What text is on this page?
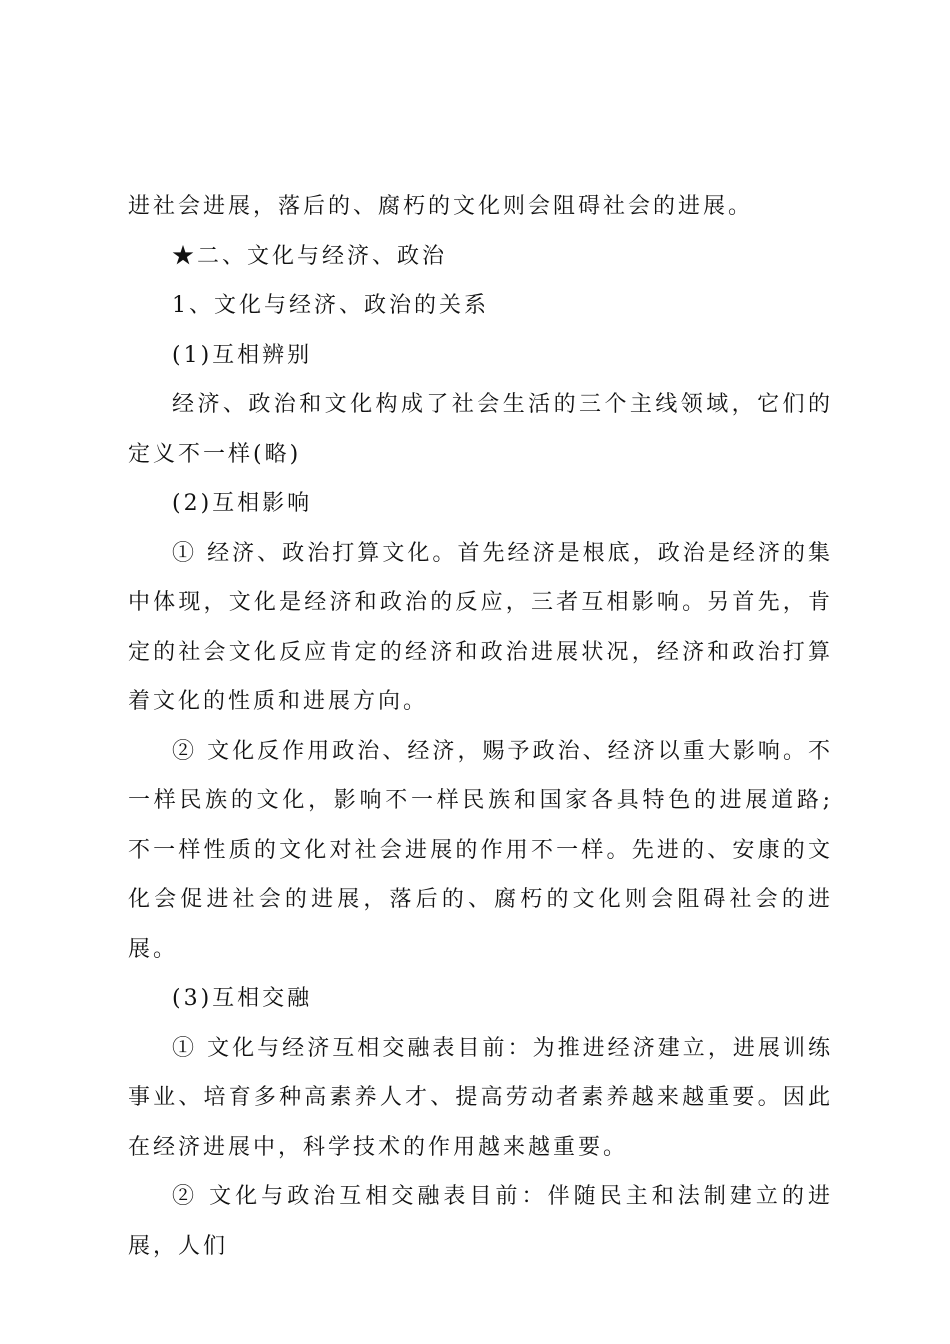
进社会进展，落后的、腐朽的文化则会阻碍社会的进展。

★二、文化与经济、政治

1、文化与经济、政治的关系

(1)互相辨别

经济、政治和文化构成了社会生活的三个主线领域，它们的定义不一样(略)

(2)互相影响

① 经济、政治打算文化。首先经济是根底，政治是经济的集中体现，文化是经济和政治的反应，三者互相影响。另首先，肯定的社会文化反应肯定的经济和政治进展状况，经济和政治打算着文化的性质和进展方向。

② 文化反作用政治、经济，赐予政治、经济以重大影响。不一样民族的文化，影响不一样民族和国家各具特色的进展道路;不一样性质的文化对社会进展的作用不一样。先进的、安康的文化会促进社会的进展，落后的、腐朽的文化则会阻碍社会的进展。

(3)互相交融

① 文化与经济互相交融表目前：为推进经济建立，进展训练事业、培育多种高素养人才、提高劳动者素养越来越重要。因此在经济进展中，科学技术的作用越来越重要。

② 文化与政治互相交融表目前：伴随民主和法制建立的进展，人们
